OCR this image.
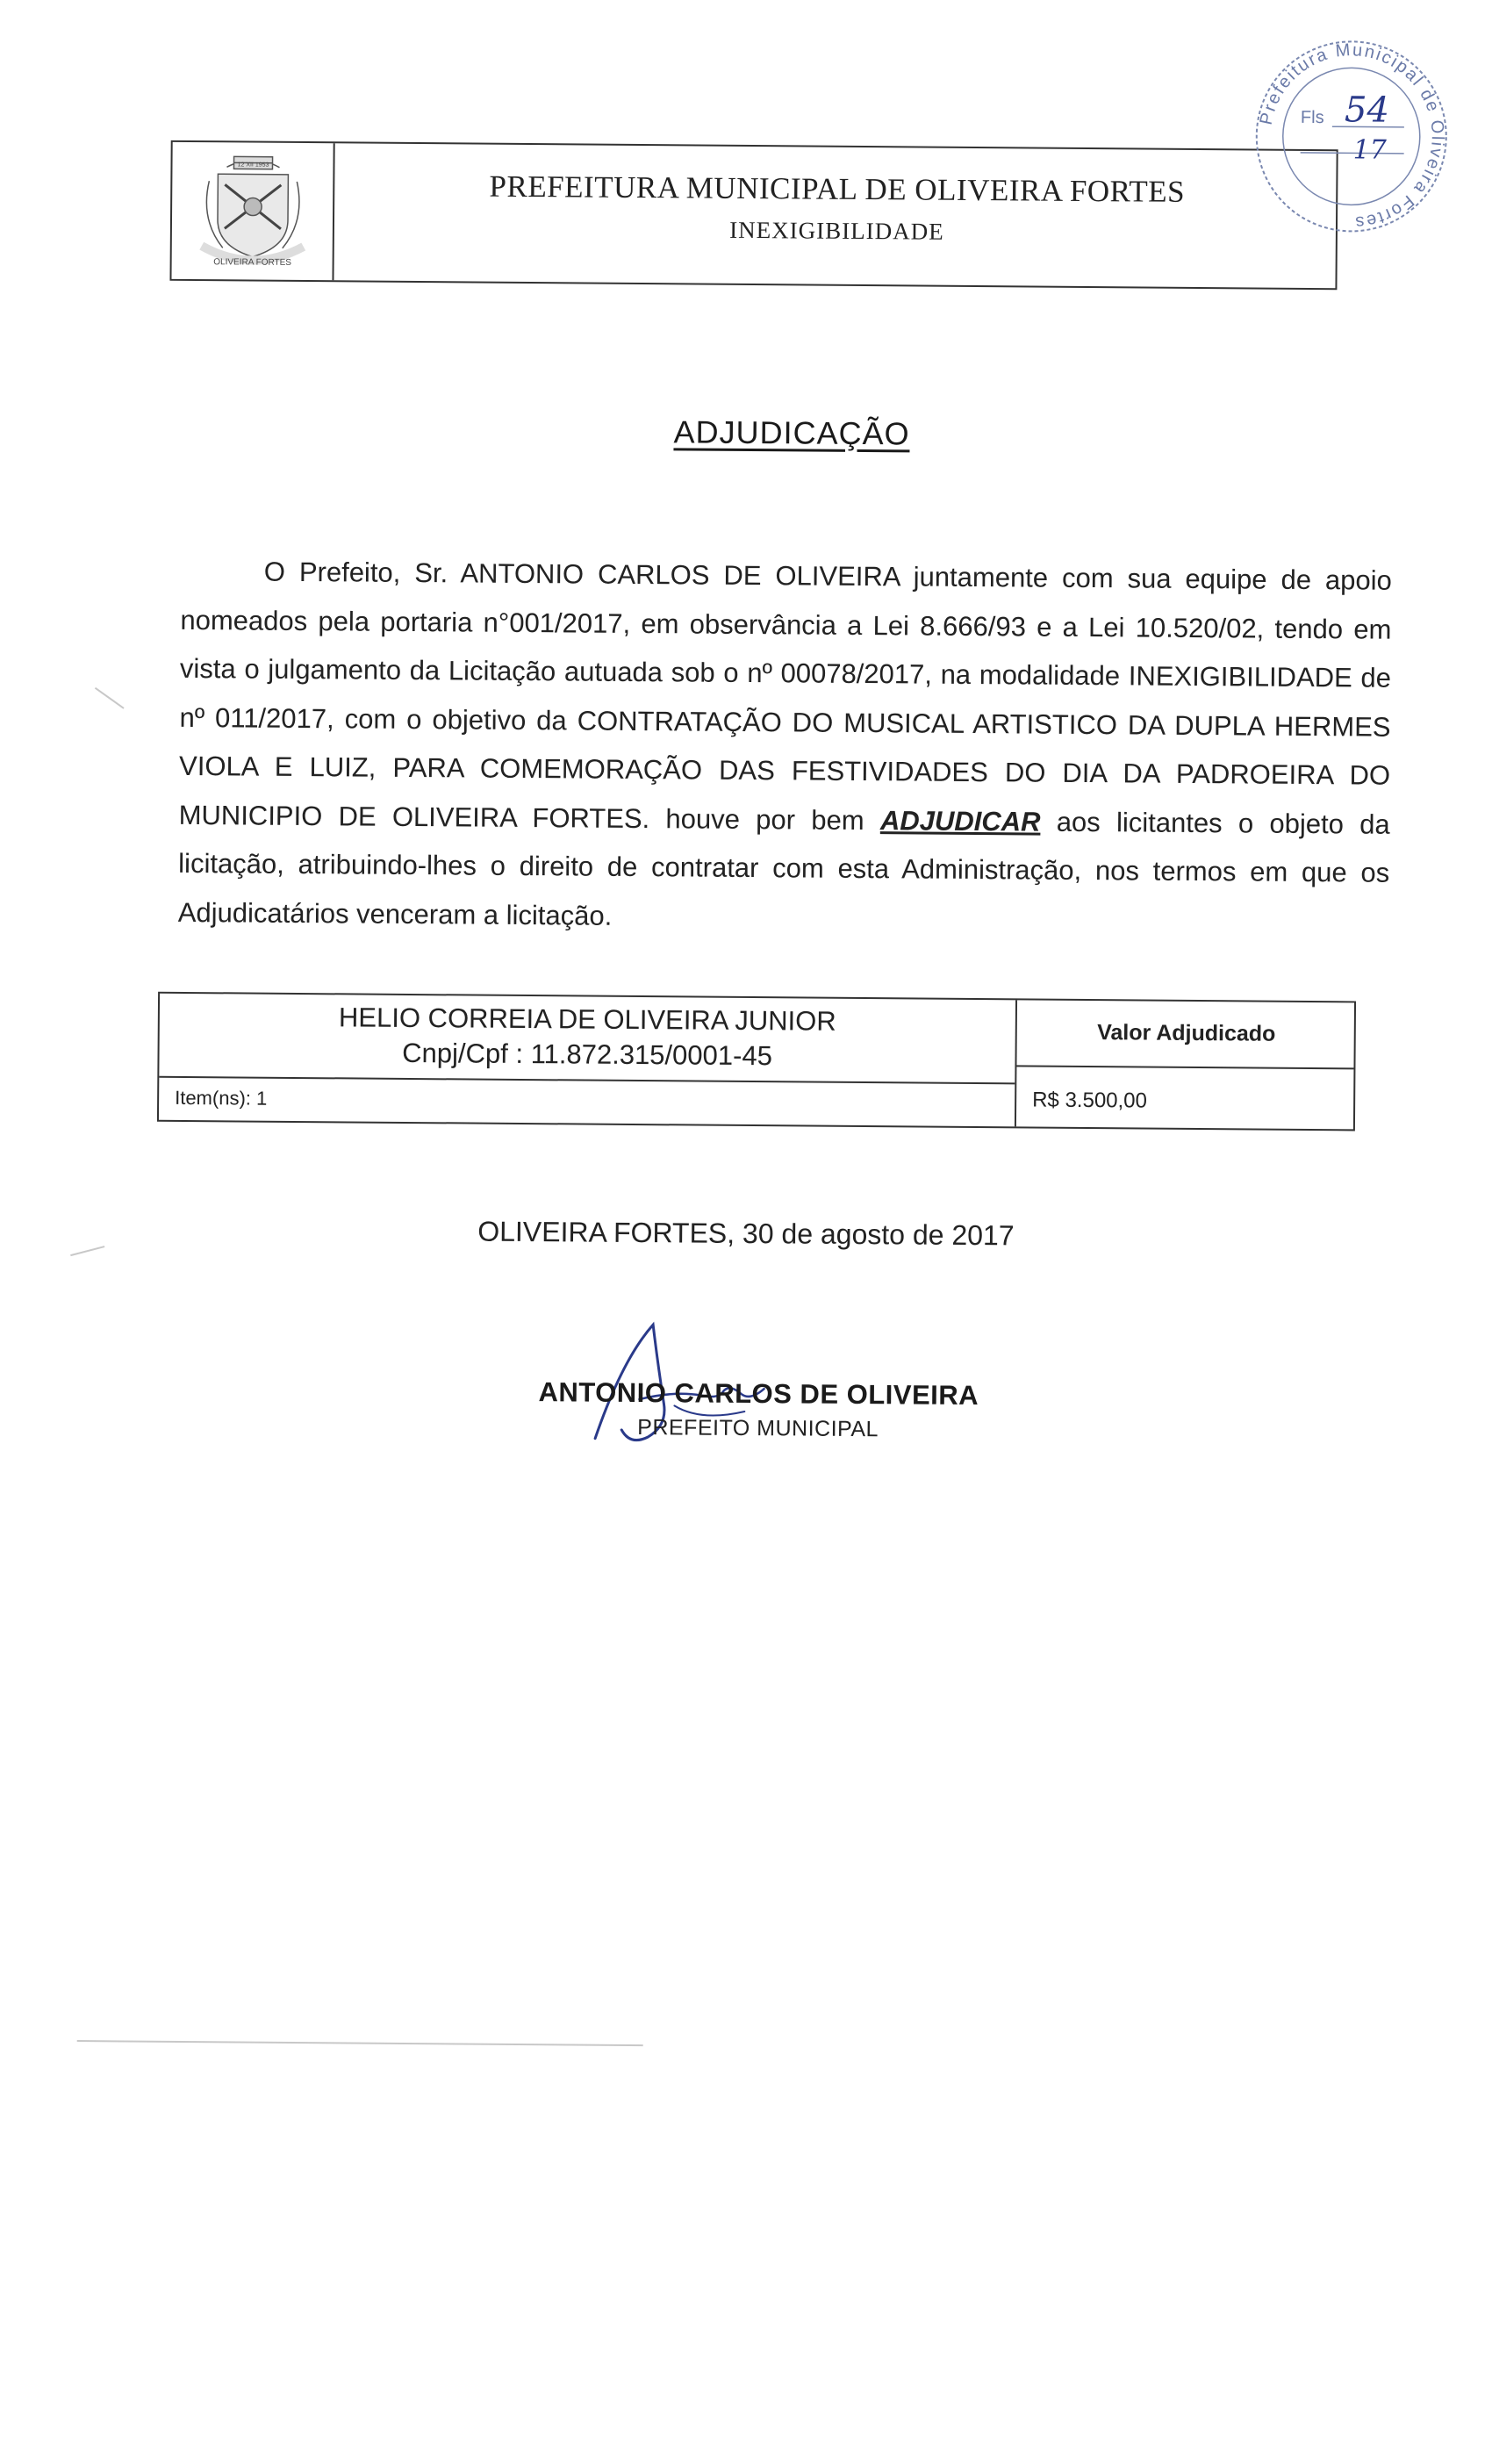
OLIVEIRA FORTES
12 XII 1953
PREFEITURA MUNICIPAL DE OLIVEIRA FORTES
INEXIGIBILIDADE
Prefeitura Municipal de Oliveira Fortes
Fls 54
17
ADJUDICAÇÃO

O Prefeito, Sr. ANTONIO CARLOS DE OLIVEIRA juntamente com sua equipe de apoio nomeados pela portaria n°001/2017, em observância a Lei 8.666/93 e a Lei 10.520/02, tendo em vista o julgamento da Licitação autuada sob o nº 00078/2017, na modalidade INEXIGIBILIDADE de nº 011/2017, com o objetivo da CONTRATAÇÃO DO MUSICAL ARTISTICO DA DUPLA HERMES VIOLA E LUIZ, PARA COMEMORAÇÃO DAS FESTIVIDADES DO DIA DA PADROEIRA DO MUNICIPIO DE OLIVEIRA FORTES. houve por bem ADJUDICAR aos licitantes o objeto da licitação, atribuindo-lhes o direito de contratar com esta Administração, nos termos em que os Adjudicatários venceram a licitação.

HELIO CORREIA DE OLIVEIRA JUNIOR
Cnpj/Cpf : 11.872.315/0001-45
Item(ns): 1
Valor Adjudicado
R$ 3.500,00
OLIVEIRA FORTES, 30 de agosto de 2017
ANTONIO CARLOS DE OLIVEIRA
PREFEITO MUNICIPAL
